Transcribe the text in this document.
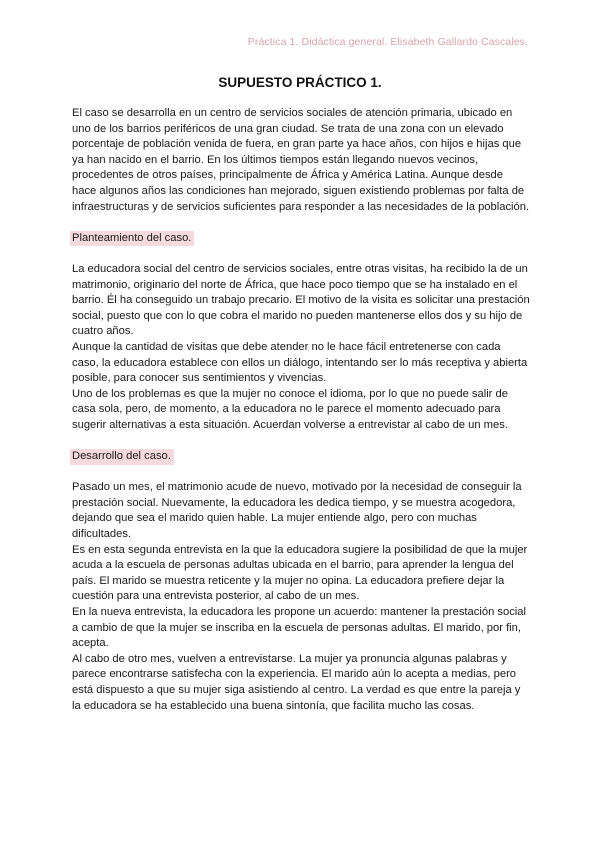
Práctica 1. Didáctica general. Elisabeth Gallardo Cascales.
SUPUESTO PRÁCTICO 1.

El caso se desarrolla en un centro de servicios sociales de atención primaria, ubicado en uno de los barrios periféricos de una gran ciudad. Se trata de una zona con un elevado porcentaje de población venida de fuera, en gran parte ya hace años, con hijos e hijas que ya han nacido en el barrio. En los últimos tiempos están llegando nuevos vecinos, procedentes de otros países, principalmente de África y América Latina. Aunque desde hace algunos años las condiciones han mejorado, siguen existiendo problemas por falta de infraestructuras y de servicios suficientes para responder a las necesidades de la población.

Planteamiento del caso.

La educadora social del centro de servicios sociales, entre otras visitas, ha recibido la de un matrimonio, originario del norte de África, que hace poco tiempo que se ha instalado en el barrio. Él ha conseguido un trabajo precario. El motivo de la visita es solicitar una prestación social, puesto que con lo que cobra el marido no pueden mantenerse ellos dos y su hijo de cuatro años.

Aunque la cantidad de visitas que debe atender no le hace fácil entretenerse con cada caso, la educadora establece con ellos un diálogo, intentando ser lo más receptiva y abierta posible, para conocer sus sentimientos y vivencias.

Uno de los problemas es que la mujer no conoce el idioma, por lo que no puede salir de casa sola, pero, de momento, a la educadora no le parece el momento adecuado para sugerir alternativas a esta situación. Acuerdan volverse a entrevistar al cabo de un mes.

Desarrollo del caso.

Pasado un mes, el matrimonio acude de nuevo, motivado por la necesidad de conseguir la prestación social. Nuevamente, la educadora les dedica tiempo, y se muestra acogedora, dejando que sea el marido quien hable. La mujer entiende algo, pero con muchas dificultades.

Es en esta segunda entrevista en la que la educadora sugiere la posibilidad de que la mujer acuda a la escuela de personas adultas ubicada en el barrio, para aprender la lengua del país. El marido se muestra reticente y la mujer no opina. La educadora prefiere dejar la cuestión para una entrevista posterior, al cabo de un mes.

En la nueva entrevista, la educadora les propone un acuerdo: mantener la prestación social a cambio de que la mujer se inscriba en la escuela de personas adultas. El marido, por fin, acepta.

Al cabo de otro mes, vuelven a entrevistarse. La mujer ya pronuncia algunas palabras y parece encontrarse satisfecha con la experiencia. El marido aún lo acepta a medias, pero está dispuesto a que su mujer siga asistiendo al centro. La verdad es que entre la pareja y la educadora se ha establecido una buena sintonía, que facilita mucho las cosas.
